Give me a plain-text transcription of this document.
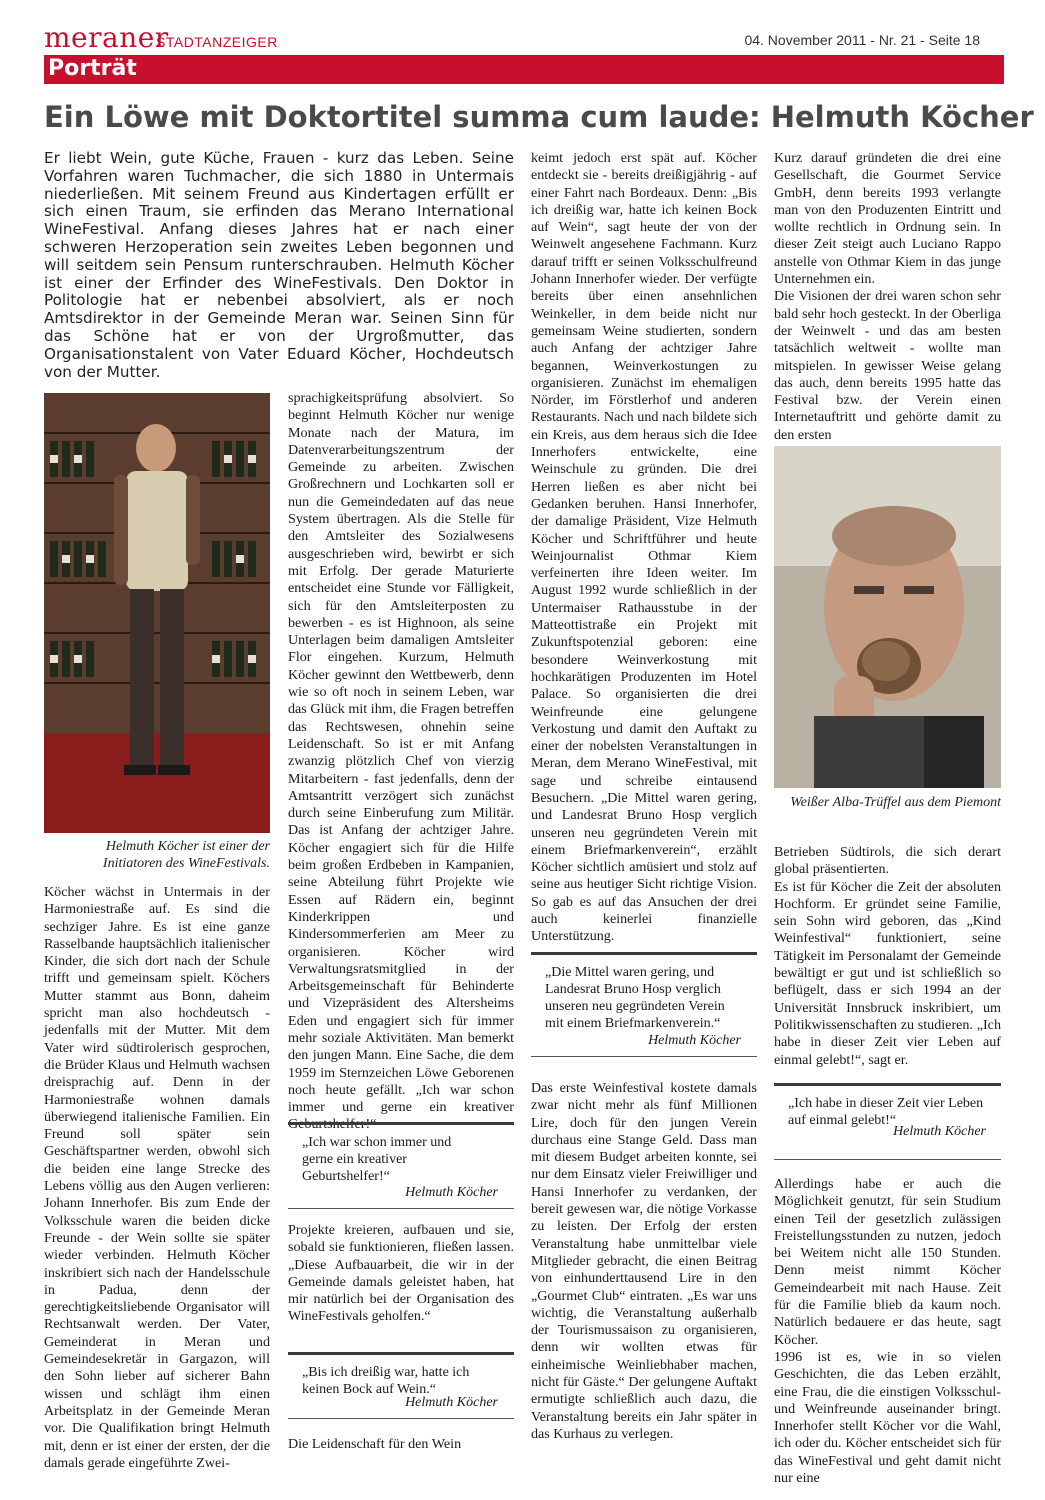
meraner
STADTANZEIGER	04. November 2011 - Nr. 21 - Seite 18
Porträt
Ein Löwe mit Doktortitel summa cum laude: Helmuth Köcher
Er liebt Wein, gute Küche, Frauen - kurz das Leben. Seine Vorfahren waren Tuchmacher, die sich 1880 in Untermais niederließen. Mit seinem Freund aus Kindertagen erfüllt er sich einen Traum, sie erfinden das Merano International WineFestival. Anfang dieses Jahres hat er nach einer schweren Herzoperation sein zweites Leben begonnen und will seitdem sein Pensum runterschrauben. Helmuth Köcher ist einer der Erfinder des WineFestivals. Den Doktor in Politologie hat er nebenbei absolviert, als er noch Amtsdirektor in der Gemeinde Meran war. Seinen Sinn für das Schöne hat er von der Urgroßmutter, das Organisationstalent von Vater Eduard Köcher, Hochdeutsch von der Mutter.
Helmuth Köcher ist einer der Initiatoren des WineFestivals.
Weißer Alba-Trüffel aus dem Piemont

Köcher wächst in Untermais in der Harmoniestraße auf. Es sind die sechziger Jahre. Es ist eine ganze Rasselbande hauptsächlich italienischer Kinder, die sich dort nach der Schule trifft und gemeinsam spielt. Köchers Mutter stammt aus Bonn, daheim spricht man also hochdeutsch - jedenfalls mit der Mutter. Mit dem Vater wird südtirolerisch gesprochen, die Brüder Klaus und Helmuth wachsen dreisprachig auf. Denn in der Harmoniestraße wohnen damals überwiegend italienische Familien. Ein Freund soll später sein Geschäftspartner werden, obwohl sich die beiden eine lange Strecke des Lebens völlig aus den Augen verlieren: Johann Innerhofer. Bis zum Ende der Volksschule waren die beiden dicke Freunde - der Wein sollte sie später wieder verbinden. Helmuth Köcher inskribiert sich nach der Handelsschule in Padua, denn der gerechtigkeitsliebende Organisator will Rechtsanwalt werden. Der Vater, Gemeinderat in Meran und Gemeindesekretär in Gargazon, will den Sohn lieber auf sicherer Bahn wissen und schlägt ihm einen Arbeitsplatz in der Gemeinde Meran vor. Die Qualifikation bringt Helmuth mit, denn er ist einer der ersten, der die damals gerade eingeführte Zwei-

sprachigkeitsprüfung absolviert. So beginnt Helmuth Köcher nur wenige Monate nach der Matura, im Datenverarbeitungszentrum der Gemeinde zu arbeiten. Zwischen Großrechnern und Lochkarten soll er nun die Gemeindedaten auf das neue System übertragen. Als die Stelle für den Amtsleiter des Sozialwesens ausgeschrieben wird, bewirbt er sich mit Erfolg. Der gerade Maturierte entscheidet eine Stunde vor Fälligkeit, sich für den Amtsleiterposten zu bewerben - es ist Highnoon, als seine Unterlagen beim damaligen Amtsleiter Flor eingehen. Kurzum, Helmuth Köcher gewinnt den Wettbewerb, denn wie so oft noch in seinem Leben, war das Glück mit ihm, die Fragen betreffen das Rechtswesen, ohnehin seine Leidenschaft. So ist er mit Anfang zwanzig plötzlich Chef von vierzig Mitarbeitern - fast jedenfalls, denn der Amtsantritt verzögert sich zunächst durch seine Einberufung zum Militär. Das ist Anfang der achtziger Jahre. Köcher engagiert sich für die Hilfe beim großen Erdbeben in Kampanien, seine Abteilung führt Projekte wie Essen auf Rädern ein, beginnt Kinderkrippen und Kindersommerferien am Meer zu organisieren. Köcher wird Verwaltungsratsmitglied in der Arbeitsgemeinschaft für Behinderte und Vizepräsident des Altersheims Eden und engagiert sich für immer mehr soziale Aktivitäten. Man bemerkt den jungen Mann. Eine Sache, die dem 1959 im Sternzeichen Löwe Geborenen noch heute gefällt. „Ich war schon immer und gerne ein kreativer

„Ich war schon immer und gerne ein kreativer Geburtshelfer!“
Helmuth Köcher

Projekte kreieren, aufbauen und sie, sobald sie funktionieren, fließen lassen. „Diese Aufbauarbeit, die wir in der Gemeinde damals geleistet haben, hat mir natürlich bei der Organisation des WineFestivals geholfen.“

„Bis ich dreißig war, hatte ich keinen Bock auf Wein.“
Helmuth Köcher

Die Leidenschaft für den Wein

keimt jedoch erst spät auf. Köcher entdeckt sie - bereits dreißigjährig - auf einer Fahrt nach Bordeaux. Denn: „Bis ich dreißig war, hatte ich keinen Bock auf Wein“, sagt heute der von der Weinwelt angesehene Fachmann. Kurz darauf trifft er seinen Volksschulfreund Johann Innerhofer wieder. Der verfügte bereits über einen ansehnlichen Weinkeller, in dem beide nicht nur gemeinsam Weine studierten, sondern auch Anfang der achtziger Jahre begannen, Weinverkostungen zu organisieren. Zunächst im ehemaligen Nörder, im Förstlerhof und anderen Restaurants. Nach und nach bildete sich ein Kreis, aus dem heraus sich die Idee Innerhofers entwickelte, eine Weinschule zu gründen. Die drei Herren ließen es aber nicht bei Gedanken beruhen. Hansi Innerhofer, der damalige Präsident, Vize Helmuth Köcher und Schriftführer und heute Weinjournalist Othmar Kiem verfeinerten ihre Ideen weiter. Im August 1992 wurde schließlich in der Untermaiser Rathausstube in der Matteottistraße ein Projekt mit Zukunftspotenzial geboren: eine besondere Weinverkostung mit hochkarätigen Produzenten im Hotel Palace. So organisierten die drei Weinfreunde eine gelungene Verkostung und damit den Auftakt zu einer der nobelsten Veranstaltungen in Meran, dem Merano WineFestival, mit sage und schreibe eintausend Besuchern. „Die Mittel waren gering, und Landesrat Bruno Hosp verglich unseren neu gegründeten Verein mit einem Briefmarkenverein“, erzählt Köcher sichtlich amüsiert und stolz auf seine aus heutiger Sicht richtige Vision. So gab es auf das Ansuchen der drei auch keinerlei finanzielle Unterstützung.

„Die Mittel waren gering, und Landesrat Bruno Hosp verglich unseren neu gegründeten Verein mit einem Briefmarkenverein.“
Helmuth Köcher

Das erste Weinfestival kostete damals zwar nicht mehr als fünf Millionen Lire, doch für den jungen Verein durchaus eine Stange Geld. Dass man mit diesem Budget arbeiten konnte, sei nur dem Einsatz vieler Freiwilliger und Hansi Innerhofer zu verdanken, der bereit gewesen war, die nötige Vorkasse zu leisten. Der Erfolg der ersten Veranstaltung habe unmittelbar viele Mitglieder gebracht, die einen Beitrag von einhunderttausend Lire in den „Gourmet Club“ eintraten. „Es war uns wichtig, die Veranstaltung außerhalb der Tourismussaison zu organisieren, denn wir wollten etwas für einheimische Weinliebhaber machen, nicht für Gäste.“ Der gelungene Auftakt ermutigte schließlich auch dazu, die Veranstaltung bereits ein Jahr später in das Kurhaus zu verlegen.

Kurz darauf gründeten die drei eine Gesellschaft, die Gourmet Service GmbH, denn bereits 1993 verlangte man von den Produzenten Eintritt und wollte rechtlich in Ordnung sein. In dieser Zeit steigt auch Luciano Rappo anstelle von Othmar Kiem in das junge Unternehmen ein.

Die Visionen der drei waren schon sehr bald sehr hoch gesteckt. In der Oberliga der Weinwelt - und das am besten tatsächlich weltweit - wollte man mitspielen. In gewisser Weise gelang das auch, denn bereits 1995 hatte das Festival bzw. der Verein einen Internetauftritt und gehörte damit zu den ersten

Betrieben Südtirols, die sich derart global präsentierten.

Es ist für Köcher die Zeit der absoluten Hochform. Er gründet seine Familie, sein Sohn wird geboren, das „Kind Weinfestival“ funktioniert, seine Tätigkeit im Personalamt der Gemeinde bewältigt er gut und ist schließlich so beflügelt, dass er sich 1994 an der Universität Innsbruck inskribiert, um Politikwissenschaften zu studieren. „Ich habe in dieser Zeit vier Leben auf einmal gelebt!“, sagt er.

„Ich habe in dieser Zeit vier Leben auf einmal gelebt!“
Helmuth Köcher

Allerdings habe er auch die Möglichkeit genutzt, für sein Studium einen Teil der gesetzlich zulässigen Freistellungsstunden zu nutzen, jedoch bei Weitem nicht alle 150 Stunden. Denn meist nimmt Köcher Gemeindearbeit mit nach Hause. Zeit für die Familie blieb da kaum noch. Natürlich bedauere er das heute, sagt Köcher.

1996 ist es, wie in so vielen Geschichten, die das Leben erzählt, eine Frau, die die einstigen Volksschul- und Weinfreunde auseinander bringt. Innerhofer stellt Köcher vor die Wahl, ich oder du. Köcher entscheidet sich für das WineFestival und geht damit nicht nur eine
